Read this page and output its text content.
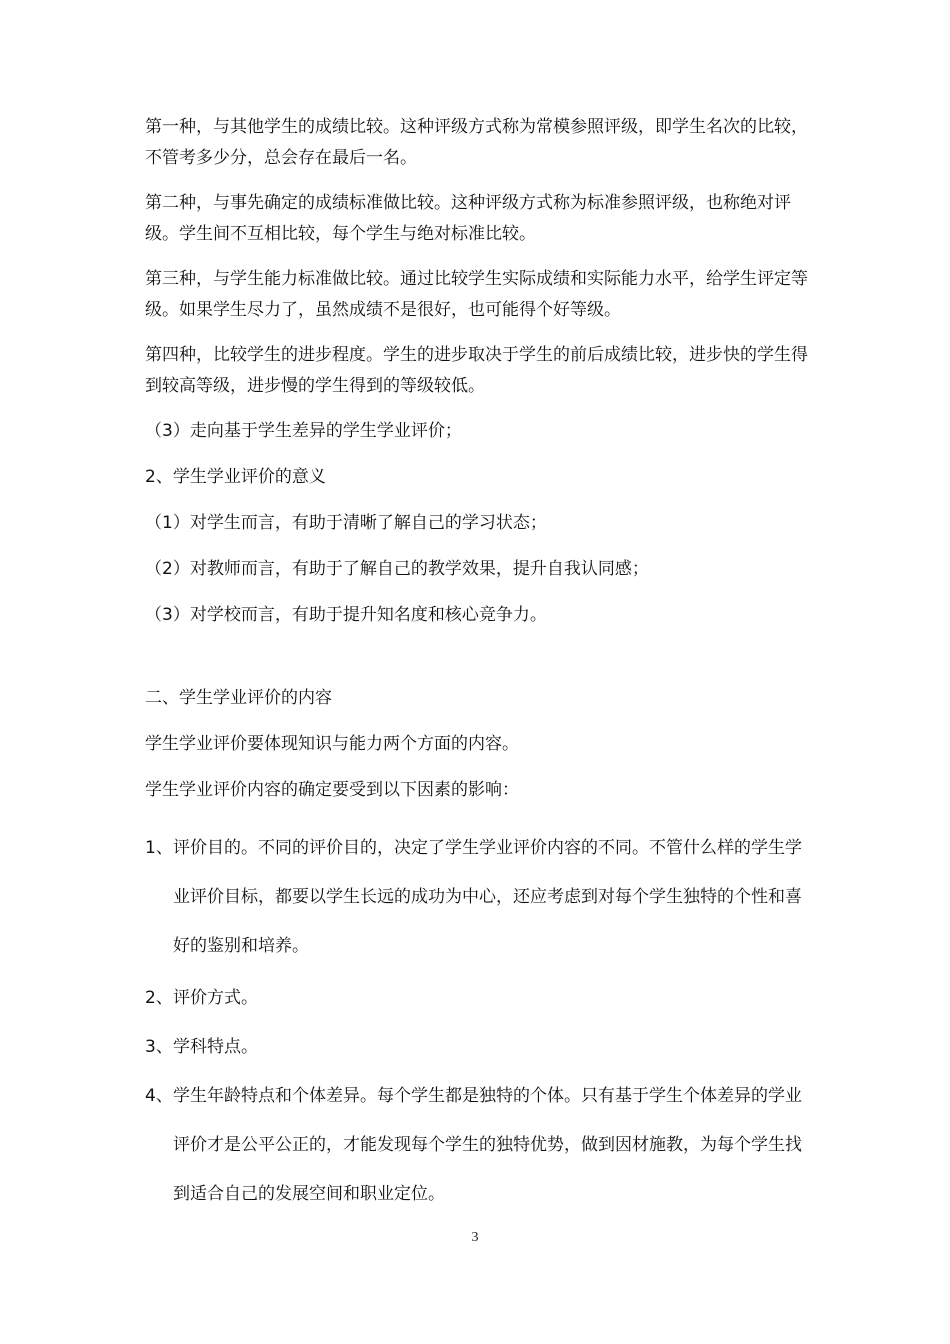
第一种，与其他学生的成绩比较。这种评级方式称为常模参照评级，即学生名次的比较，不管考多少分，总会存在最后一名。

第二种，与事先确定的成绩标准做比较。这种评级方式称为标准参照评级，也称绝对评级。学生间不互相比较，每个学生与绝对标准比较。

第三种，与学生能力标准做比较。通过比较学生实际成绩和实际能力水平，给学生评定等级。如果学生尽力了，虽然成绩不是很好，也可能得个好等级。

第四种，比较学生的进步程度。学生的进步取决于学生的前后成绩比较，进步快的学生得到较高等级，进步慢的学生得到的等级较低。

（3）走向基于学生差异的学生学业评价；

2、学生学业评价的意义

（1）对学生而言，有助于清晰了解自己的学习状态；

（2）对教师而言，有助于了解自己的教学效果，提升自我认同感；

（3）对学校而言，有助于提升知名度和核心竞争力。

二、学生学业评价的内容

学生学业评价要体现知识与能力两个方面的内容。

学生学业评价内容的确定要受到以下因素的影响：

1、 评价目的。不同的评价目的，决定了学生学业评价内容的不同。不管什么样的学生学业评价目标，都要以学生长远的成功为中心，还应考虑到对每个学生独特的个性和喜好的鉴别和培养。
2、 评价方式。
3、 学科特点。
4、 学生年龄特点和个体差异。每个学生都是独特的个体。只有基于学生个体差异的学业评价才是公平公正的，才能发现每个学生的独特优势，做到因材施教，为每个学生找到适合自己的发展空间和职业定位。
3
